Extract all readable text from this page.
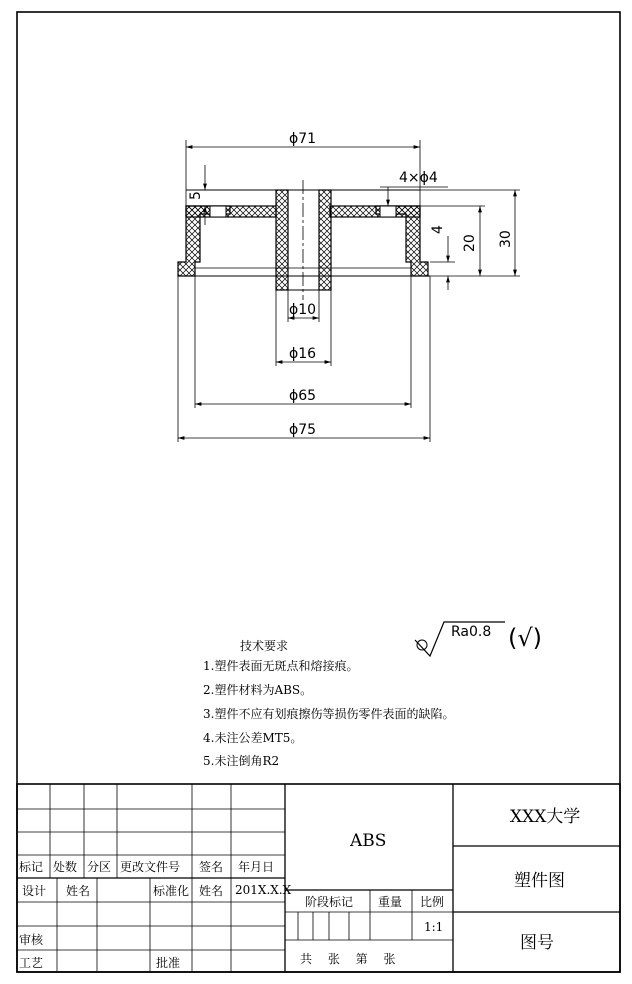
ϕ71
4×ϕ4
5
4
20 30
ϕ10
ϕ16
ϕ65
ϕ75
Ra0.8 (√)
技术要求
1.塑件表面无斑点和熔接痕。
2.塑件材料为ABS。
3.塑件不应有划痕擦伤等损伤零件表面的缺陷。
4.未注公差MT5。
5.未注倒角R2
标记 处数 分区 更改文件号 签名 年月日
设计 姓名	标准化 姓名 201X.X.X
审核
工艺	批准
ABS
阶段标记 重量 比例
1:1
共 张 第 张
XXX大学
塑件图
图号
